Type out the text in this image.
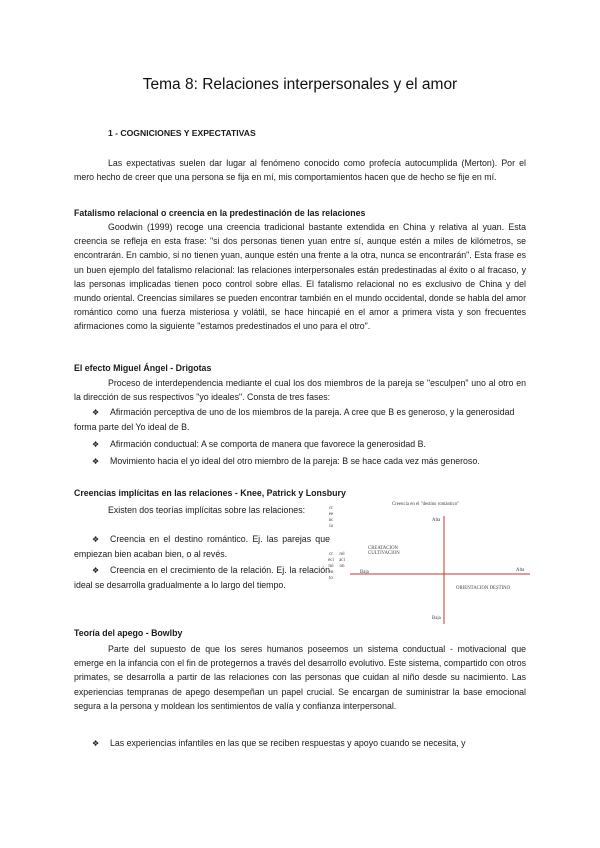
Tema 8: Relaciones interpersonales y el amor
1 - COGNICIONES Y EXPECTATIVAS

Las expectativas suelen dar lugar al fenómeno conocido como profecía autocumplida (Merton). Por el mero hecho de creer que una persona se fija en mí, mis comportamientos hacen que de hecho se fije en mí.

Fatalismo relacional o creencia en la predestinación de las relaciones

Goodwin (1999) recoge una creencia tradicional bastante extendida en China y relativa al yuan. Esta creencia se refleja en esta frase: "si dos personas tienen yuan entre sí, aunque estén a miles de kilómetros, se encontrarán. En cambio, si no tienen yuan, aunque estén una frente a la otra, nunca se encontrarán". Esta frase es un buen ejemplo del fatalismo relacional: las relaciones interpersonales están predestinadas al éxito o al fracaso, y las personas implicadas tienen poco control sobre ellas. El fatalismo relacional no es exclusivo de China y del mundo oriental. Creencias similares se pueden encontrar también en el mundo occidental, donde se habla del amor romántico como una fuerza misteriosa y volátil, se hace hincapié en el amor a primera vista y son frecuentes afirmaciones como la siguiente "estamos predestinados el uno para el otro".

El efecto Miguel Ángel - Drigotas

Proceso de interdependencia mediante el cual los dos miembros de la pareja se "esculpen" uno al otro en la dirección de sus respectivos "yo ideales". Consta de tres fases:

❖ Afirmación perceptiva de uno de los miembros de la pareja. A cree que B es generoso, y la generosidad forma parte del Yo ideal de B.

❖ Afirmación conductual: A se comporta de manera que favorece la generosidad B.

❖ Movimiento hacia el yo ideal del otro miembro de la pareja: B se hace cada vez más generoso.

Creencias implícitas en las relaciones - Knee, Patrick y Lonsbury

Existen dos teorías implícitas sobre las relaciones:

❖ Creencia en el destino romántico. Ej. las parejas que empiezan bien acaban bien, o al revés.

❖ Creencia en el crecimiento de la relación. Ej. la relación ideal se desarrolla gradualmente a lo largo del tiempo.

Creencia en el "destino romántico"
Alta
Baja
Baja	Alta
CREATACION CULTIVACION
ORIENTACION DESTINO
creencia
crecimiento
relacion
Teoría del apego - Bowlby

Parte del supuesto de que los seres humanos poseemos un sistema conductual - motivacional que emerge en la infancia con el fin de protegernos a través del desarrollo evolutivo. Este sistema, compartido con otros primates, se desarrolla a partir de las relaciones con las personas que cuidan al niño desde su nacimiento. Las experiencias tempranas de apego desempeñan un papel crucial. Se encargan de suministrar la base emocional segura a la persona y moldean los sentimientos de valía y confianza interpersonal.

❖ Las experiencias infantiles en las que se reciben respuestas y apoyo cuando se necesita, y
